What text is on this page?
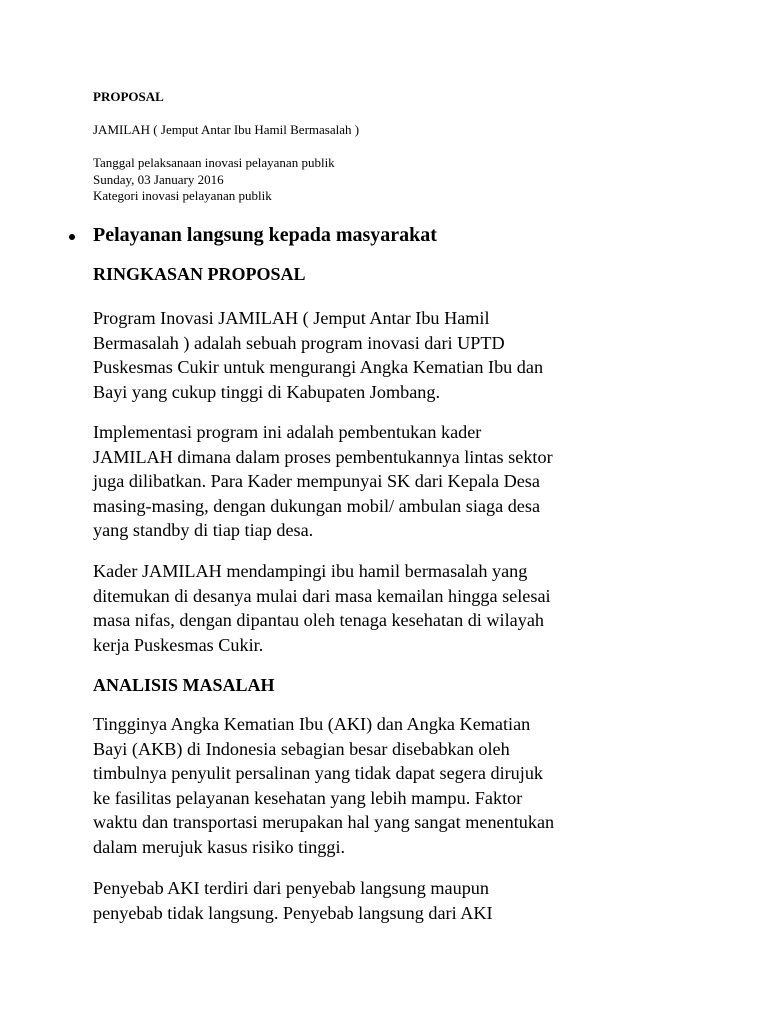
PROPOSAL

JAMILAH ( Jemput Antar Ibu Hamil Bermasalah )

Tanggal pelaksanaan inovasi pelayanan publik
Sunday, 03 January 2016
Kategori inovasi pelayanan publik
Pelayanan langsung kepada masyarakat

RINGKASAN PROPOSAL

Program Inovasi JAMILAH ( Jemput Antar Ibu Hamil
Bermasalah ) adalah sebuah program inovasi dari UPTD
Puskesmas Cukir untuk mengurangi Angka Kematian Ibu dan
Bayi yang cukup tinggi di Kabupaten Jombang.

Implementasi program ini adalah pembentukan kader
JAMILAH dimana dalam proses pembentukannya lintas sektor
juga dilibatkan. Para Kader mempunyai SK dari Kepala Desa
masing-masing, dengan dukungan mobil/ ambulan siaga desa
yang standby di tiap tiap desa.

Kader JAMILAH mendampingi ibu hamil bermasalah yang
ditemukan di desanya mulai dari masa kemailan hingga selesai
masa nifas, dengan dipantau oleh tenaga kesehatan di wilayah
kerja Puskesmas Cukir.

ANALISIS MASALAH

Tingginya Angka Kematian Ibu (AKI) dan Angka Kematian
Bayi (AKB) di Indonesia sebagian besar disebabkan oleh
timbulnya penyulit persalinan yang tidak dapat segera dirujuk
ke fasilitas pelayanan kesehatan yang lebih mampu. Faktor
waktu dan transportasi merupakan hal yang sangat menentukan
dalam merujuk kasus risiko tinggi.

Penyebab AKI terdiri dari penyebab langsung maupun
penyebab tidak langsung. Penyebab langsung dari AKI
